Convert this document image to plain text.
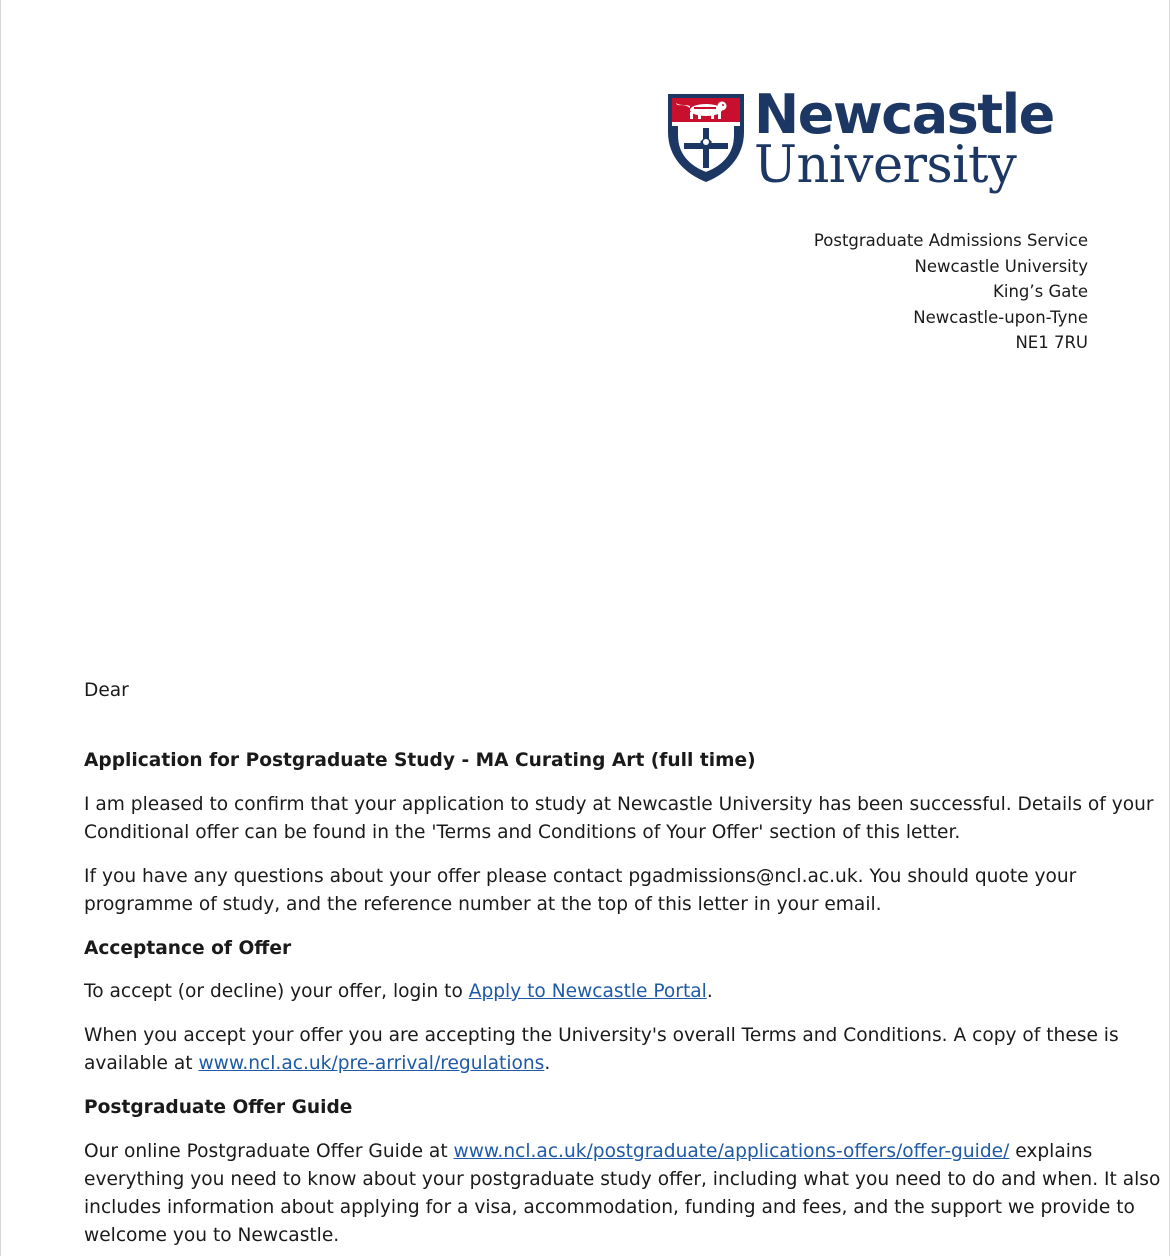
Newcastle
University
Postgraduate Admissions Service
Newcastle University
King’s Gate
Newcastle-upon-Tyne
NE1 7RU
Dear
Application for Postgraduate Study - MA Curating Art (full time)
I am pleased to confirm that your application to study at Newcastle University has been successful. Details of your
Conditional offer can be found in the 'Terms and Conditions of Your Offer' section of this letter.
If you have any questions about your offer please contact pgadmissions@ncl.ac.uk. You should quote your
programme of study, and the reference number at the top of this letter in your email.
Acceptance of Offer
To accept (or decline) your offer, login to Apply to Newcastle Portal.
When you accept your offer you are accepting the University's overall Terms and Conditions. A copy of these is
available at www.ncl.ac.uk/pre-arrival/regulations.
Postgraduate Offer Guide
Our online Postgraduate Offer Guide at www.ncl.ac.uk/postgraduate/applications-offers/offer-guide/ explains
everything you need to know about your postgraduate study offer, including what you need to do and when. It also
includes information about applying for a visa, accommodation, funding and fees, and the support we provide to
welcome you to Newcastle.
